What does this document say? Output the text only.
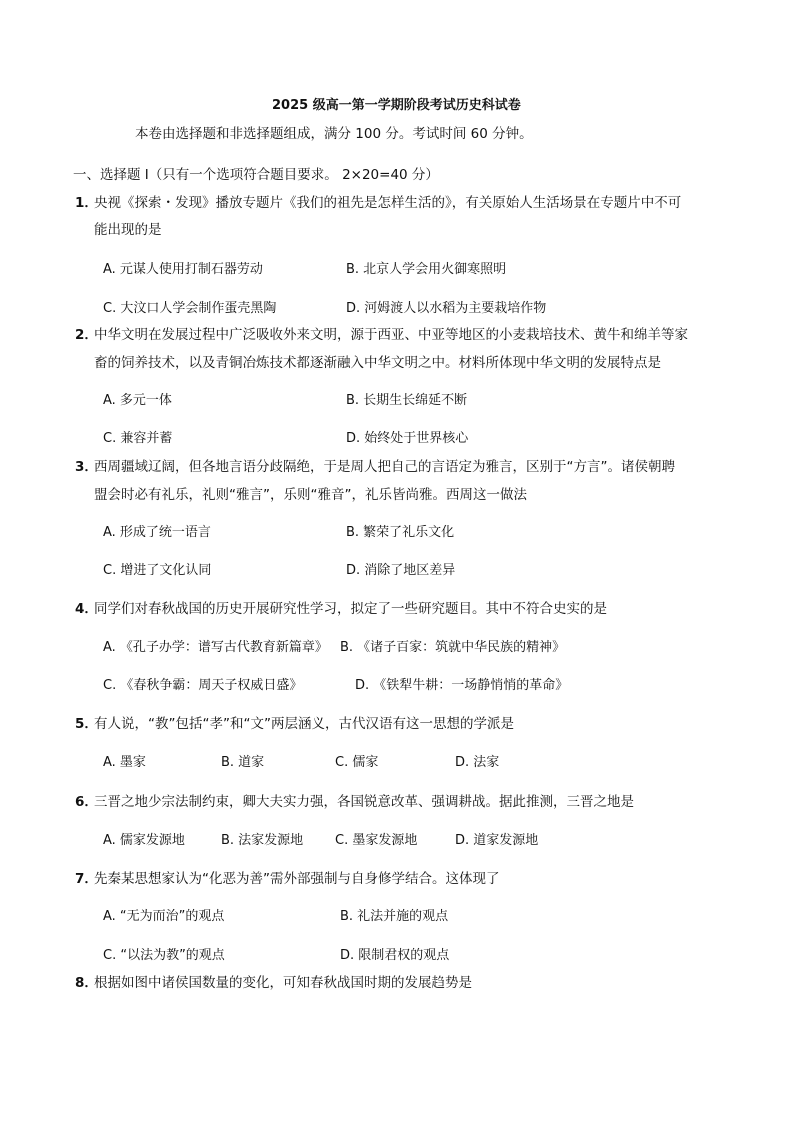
2025 级高一第一学期阶段考试历史科试卷
本卷由选择题和非选择题组成，满分 100 分。考试时间 60 分钟。
一、选择题 I（只有一个选项符合题目要求。 2×20=40 分）
1．
央视《探索・发现》播放专题片《我们的祖先是怎样生活的》，有关原始人生活场景在专题片中不可
能出现的是
A. 元谋人使用打制石器劳动	B. 北京人学会用火御寒照明
C. 大汶口人学会制作蛋壳黑陶	D. 河姆渡人以水稻为主要栽培作物
2．
中华文明在发展过程中广泛吸收外来文明，源于西亚、中亚等地区的小麦栽培技术、黄牛和绵羊等家
畜的饲养技术，以及青铜冶炼技术都逐渐融入中华文明之中。材料所体现中华文明的发展特点是
A. 多元一体	B. 长期生长绵延不断
C. 兼容并蓄	D. 始终处于世界核心
3．
西周疆域辽阔，但各地言语分歧隔绝，于是周人把自己的言语定为雅言，区别于“方言”。诸侯朝聘
盟会时必有礼乐，礼则“雅言”，乐则“雅音”，礼乐皆尚雅。西周这一做法
A. 形成了统一语言	B. 繁荣了礼乐文化
C. 增进了文化认同	D. 消除了地区差异
4．
同学们对春秋战国的历史开展研究性学习，拟定了一些研究题目。其中不符合史实的是
A. 《孔子办学：谱写古代教育新篇章》 B. 《诸子百家：筑就中华民族的精神》
C. 《春秋争霸：周天子权威日盛》	D. 《铁犁牛耕：一场静悄悄的革命》
5．
有人说，“教”包括“孝”和“文”两层涵义，古代汉语有这一思想的学派是
A. 墨家	B. 道家	C. 儒家	D. 法家
6．
三晋之地少宗法制约束，卿大夫实力强，各国锐意改革、强调耕战。据此推测，三晋之地是
A. 儒家发源地	B. 法家发源地 C. 墨家发源地	D. 道家发源地
7．
先秦某思想家认为“化恶为善”需外部强制与自身修学结合。这体现了
A. “无为而治”的观点	B. 礼法并施的观点
C. “以法为教”的观点	D. 限制君权的观点
8．
根据如图中诸侯国数量的变化，可知春秋战国时期的发展趋势是
